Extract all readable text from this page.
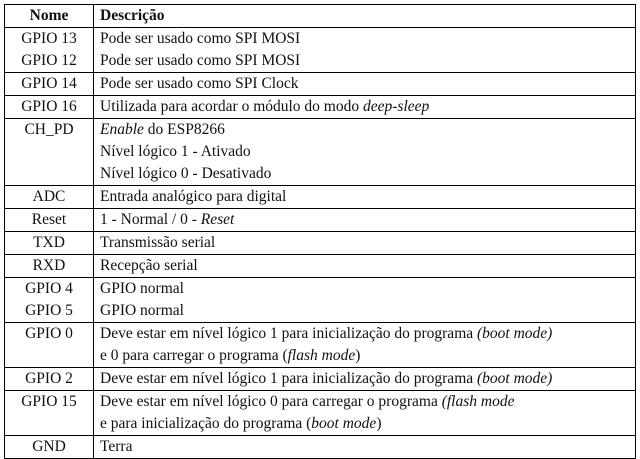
Nome	Descrição
GPIO 13	Pode ser usado como SPI MOSI

GPIO 12	Pode ser usado como SPI MOSI

GPIO 14	Pode ser usado como SPI Clock

GPIO 16	Utilizada para acordar o módulo do modo deep-sleep

CH_PD	Enable do ESP8266
Nível lógico 1 - Ativado
Nível lógico 0 - Desativado

ADC	Entrada analógico para digital

Reset	1 - Normal / 0 - Reset

TXD	Transmissão serial

RXD	Recepção serial

GPIO 4	GPIO normal

GPIO 5	GPIO normal

GPIO 0	Deve estar em nível lógico 1 para inicialização do programa (boot mode)
e 0 para carregar o programa (flash mode)

GPIO 2	Deve estar em nível lógico 1 para inicialização do programa (boot mode)

GPIO 15	Deve estar em nível lógico 0 para carregar o programa (flash mode
e para inicialização do programa (boot mode)

GND	Terra
